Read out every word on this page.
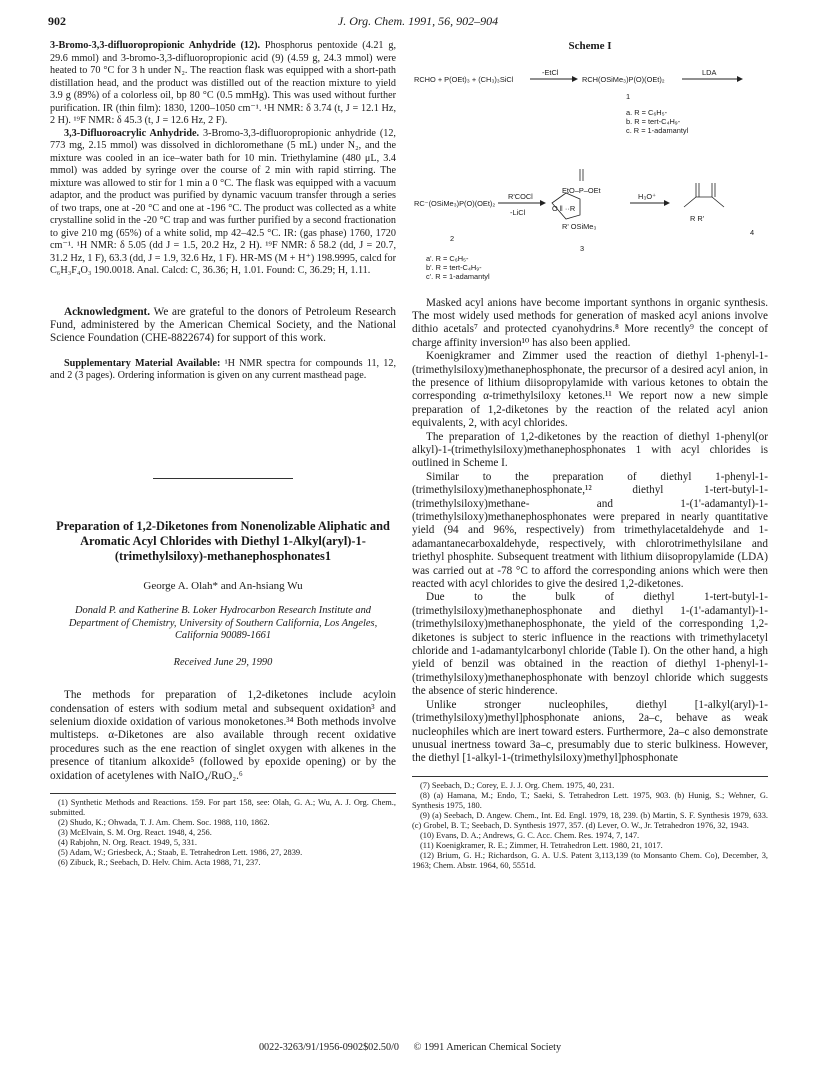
902	J. Org. Chem. 1991, 56, 902–904

3-Bromo-3,3-difluoropropionic Anhydride (12). Phosphorus pentoxide (4.21 g, 29.6 mmol) and 3-bromo-3,3-difluoropropionic acid (9) (4.59 g, 24.3 mmol) were heated to 70 °C for 3 h under N₂. The reaction flask was equipped with a short-path distillation head, and the product was distilled out of the reaction mixture to yield 3.9 g (89%) of a colorless oil, bp 80 °C (0.5 mmHg). This was used without further purification. IR (thin film): 1830, 1200–1050 cm⁻¹. ¹H NMR: δ 3.74 (t, J = 12.1 Hz, 2 H). ¹⁹F NMR: δ 45.3 (t, J = 12.6 Hz, 2 F).

3,3-Difluoroacrylic Anhydride. 3-Bromo-3,3-difluoropropionic anhydride (12, 773 mg, 2.15 mmol) was dissolved in dichloromethane (5 mL) under N₂, and the mixture was cooled in an ice–water bath for 10 min. Triethylamine (480 μL, 3.4 mmol) was added by syringe over the course of 2 min with rapid stirring. The mixture was allowed to stir for 1 min a 0 °C. The flask was equipped with a vacuum adaptor, and the product was purified by dynamic vacuum transfer through a series of two traps, one at -20 °C and one at -196 °C. The product was collected as a white crystalline solid in the -20 °C trap and was further purified by a second fractionation to give 210 mg (65%) of a white solid, mp 42–42.5 °C. IR: (gas phase) 1760, 1720 cm⁻¹. ¹H NMR: δ 5.05 (dd J = 1.5, 20.2 Hz, 2 H). ¹⁹F NMR: δ 58.2 (dd, J = 20.7, 31.2 Hz, 1 F), 63.3 (dd, J = 1.9, 32.6 Hz, 1 F). HR-MS (M + H⁺) 198.9995, calcd for C₆H₃F₄O₃ 190.0018. Anal. Calcd: C, 36.36; H, 1.01. Found: C, 36.29; H, 1.11.

Acknowledgment. We are grateful to the donors of Petroleum Research Fund, administered by the American Chemical Society, and the National Science Foundation (CHE-8822674) for support of this work.

Supplementary Material Available: ¹H NMR spectra for compounds 11, 12, and 2 (3 pages). Ordering information is given on any current masthead page.

Preparation of 1,2-Diketones from Nonenolizable Aliphatic and Aromatic Acyl Chlorides with Diethyl 1-Alkyl(aryl)-1-(trimethylsiloxy)-methanephosphonates1
George A. Olah* and An-hsiang Wu
Donald P. and Katherine B. Loker Hydrocarbon Research Institute and Department of Chemistry, University of Southern California, Los Angeles, California 90089-1661
Received June 29, 1990

The methods for preparation of 1,2-diketones include acyloin condensation of esters with sodium metal and subsequent oxidation³ and selenium dioxide oxidation of various monoketones.³⁴ Both methods involve multisteps. α-Diketones are also available through recent oxidative procedures such as the ene reaction of singlet oxygen with alkenes in the presence of titanium alkoxide⁵ (followed by epoxide opening) or by the oxidation of acetylenes with NaIO₄/RuO₂.⁶

(1) Synthetic Methods and Reactions. 159. For part 158, see: Olah, G. A.; Wu, A. J. Org. Chem., submitted.
(2) Shudo, K.; Ohwada, T. J. Am. Chem. Soc. 1988, 110, 1862.
(3) McElvain, S. M. Org. React. 1948, 4, 256.
(4) Rabjohn, N. Org. React. 1949, 5, 331.
(5) Adam, W.; Griesbeck, A.; Staab, E. Tetrahedron Lett. 1986, 27, 2839.
(6) Zibuck, R.; Seebach, D. Helv. Chim. Acta 1988, 71, 237.
Scheme I
RCHO + P(OEt)₃ + (CH₃)₃SiCl
-EtCl
RCH(OSiMe₃)P(O)(OEt)₂
LDA
1
a. R = C₆H₅-
b. R = tert-C₄H₉-
c. R = 1-adamantyl
RC⁻(OSiMe₃)P(O)(OEt)₂
R'COCl
-LiCl
2
EtO–P–OEt
O ‖ ··R
R' OSiMe₃
3
H₃O⁺
R R'
4
a'. R = C₆H₅-
b'. R = tert-C₄H₉-
c'. R = 1-adamantyl

Masked acyl anions have become important synthons in organic synthesis. The most widely used methods for generation of masked acyl anions involve dithio acetals⁷ and protected cyanohydrins.⁸ More recently⁹ the concept of charge affinity inversion¹⁰ has also been applied.

Koenigkramer and Zimmer used the reaction of diethyl 1-phenyl-1-(trimethylsiloxy)methanephosphonate, the precursor of a desired acyl anion, in the presence of lithium diisopropylamide with various ketones to obtain the corresponding α-trimethylsiloxy ketones.¹¹ We report now a new simple preparation of 1,2-diketones by the reaction of the related acyl anion equivalents, 2, with acyl chlorides.

The preparation of 1,2-diketones by the reaction of diethyl 1-phenyl(or alkyl)-1-(trimethylsiloxy)methanephosphonates 1 with acyl chlorides is outlined in Scheme I.

Similar to the preparation of diethyl 1-phenyl-1-(trimethylsiloxy)methanephosphonate,¹² diethyl 1-tert-butyl-1-(trimethylsiloxy)methane- and 1-(1'-adamantyl)-1-(trimethylsiloxy)methanephosphonates were prepared in nearly quantitative yield (94 and 96%, respectively) from trimethylacetaldehyde and 1-adamantanecarboxaldehyde, respectively, with chlorotrimethylsilane and triethyl phosphite. Subsequent treatment with lithium diisopropylamide (LDA) was carried out at -78 °C to afford the corresponding anions which were then reacted with acyl chlorides to give the desired 1,2-diketones.

Due to the bulk of diethyl 1-tert-butyl-1-(trimethylsiloxy)methanephosphonate and diethyl 1-(1'-adamantyl)-1-(trimethylsiloxy)methanephosphonate, the yield of the corresponding 1,2-diketones is subject to steric influence in the reactions with trimethylacetyl chloride and 1-adamantylcarbonyl chloride (Table I). On the other hand, a high yield of benzil was obtained in the reaction of diethyl 1-phenyl-1-(trimethylsiloxy)methanephosphonate with benzoyl chloride which suggests the absence of steric hinderence.

Unlike stronger nucleophiles, diethyl [1-alkyl(aryl)-1-(trimethylsiloxy)methyl]phosphonate anions, 2a–c, behave as weak nucleophiles which are inert toward esters. Furthermore, 2a–c also demonstrate unusual inertness toward 3a–c, presumably due to steric bulkiness. However, the diethyl [1-alkyl-1-(trimethylsiloxy)methyl]phosphonate

(7) Seebach, D.; Corey, E. J. J. Org. Chem. 1975, 40, 231.
(8) (a) Hamana, M.; Endo, T.; Saeki, S. Tetrahedron Lett. 1975, 903. (b) Hunig, S.; Wehner, G. Synthesis 1975, 180.
(9) (a) Seebach, D. Angew. Chem., Int. Ed. Engl. 1979, 18, 239. (b) Martin, S. F. Synthesis 1979, 633. (c) Grobel, B. T.; Seebach, D. Synthesis 1977, 357. (d) Lever, O. W., Jr. Tetrahedron 1976, 32, 1943.
(10) Evans, D. A.; Andrews, G. C. Acc. Chem. Res. 1974, 7, 147.
(11) Koenigkramer, R. E.; Zimmer, H. Tetrahedron Lett. 1980, 21, 1017.
(12) Brium, G. H.; Richardson, G. A. U.S. Patent 3,113,139 (to Monsanto Chem. Co), December, 3, 1963; Chem. Abstr. 1964, 60, 5551d.
0022-3263/91/1956-0902$02.50/0 © 1991 American Chemical Society
